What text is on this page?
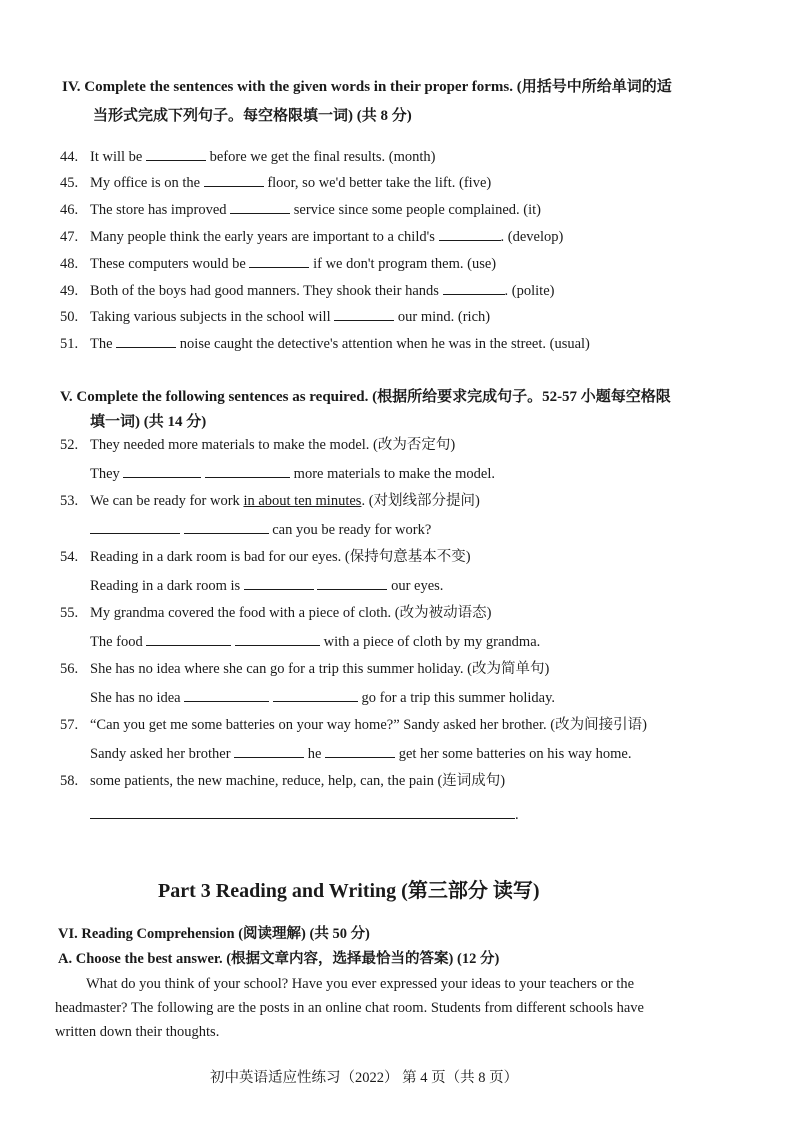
IV. Complete the sentences with the given words in their proper forms. (用括号中所给单词的适
当形式完成下列句子。每空格限填一词) (共 8 分)
44. It will be	before we get the final results. (month)
45. My office is on the	floor, so we'd better take the lift. (five)
46. The store has improved	service since some people complained. (it)
47. Many people think the early years are important to a child's	. (develop)
48. These computers would be	if we don't program them. (use)
49. Both of the boys had good manners. They shook their hands	. (polite)
50. Taking various subjects in the school will	our mind. (rich)
51. The	noise caught the detective's attention when he was in the street. (usual)
V. Complete the following sentences as required. (根据所给要求完成句子。52-57 小题每空格限
填一词) (共 14 分)
52. They needed more materials to make the model. (改为否定句)
They	more materials to make the model.
53. We can be ready for work in about ten minutes. (对划线部分提问)
can you be ready for work?
54. Reading in a dark room is bad for our eyes. (保持句意基本不变)
Reading in a dark room is	our eyes.
55. My grandma covered the food with a piece of cloth. (改为被动语态)
The food	with a piece of cloth by my grandma.
56. She has no idea where she can go for a trip this summer holiday. (改为简单句)
She has no idea	go for a trip this summer holiday.
57. “Can you get me some batteries on your way home?” Sandy asked her brother. (改为间接引语)
Sandy asked her brother	he	get her some batteries on his way home.
58. some patients, the new machine, reduce, help, can, the pain (连词成句)
.
Part 3 Reading and Writing (第三部分 读写)
VI. Reading Comprehension (阅读理解) (共 50 分)
A. Choose the best answer. (根据文章内容，选择最恰当的答案) (12 分)
What do you think of your school? Have you ever expressed your ideas to your teachers or the
headmaster? The following are the posts in an online chat room. Students from different schools have
written down their thoughts.
初中英语适应性练习（2022） 第 4 页（共 8 页）
